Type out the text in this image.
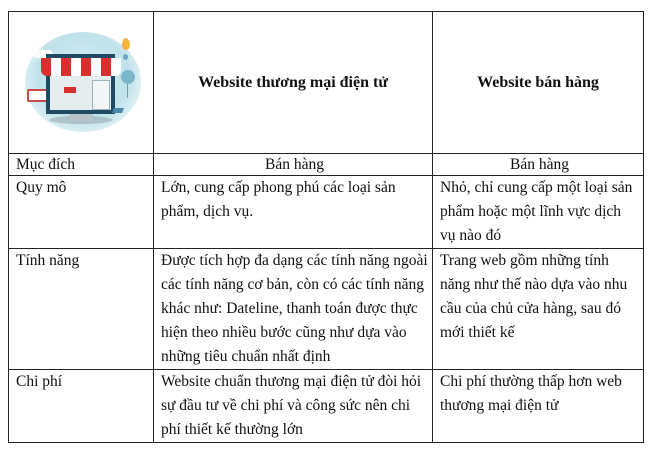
	Website thương mại điện tử	Website bán hàng
Mục đích	Bán hàng	Bán hàng
Quy mô	Lớn, cung cấp phong phú các loại sản phẩm, dịch vụ.	Nhỏ, chỉ cung cấp một loại sản phẩm hoặc một lĩnh vực dịch vụ nào đó
Tính năng	Được tích hợp đa dạng các tính năng ngoài các tính năng cơ bản, còn có các tính năng khác như: Dateline, thanh toán được thực hiện theo nhiều bước cũng như dựa vào những tiêu chuẩn nhất định	Trang web gồm những tính năng như thế nào dựa vào nhu cầu của chủ cửa hàng, sau đó mới thiết kế
Chi phí	Website chuẩn thương mại điện tử đòi hỏi sự đầu tư về chi phí và công sức nên chi phí thiết kế thường lớn	Chi phí thường thấp hơn web thương mại điện tử
